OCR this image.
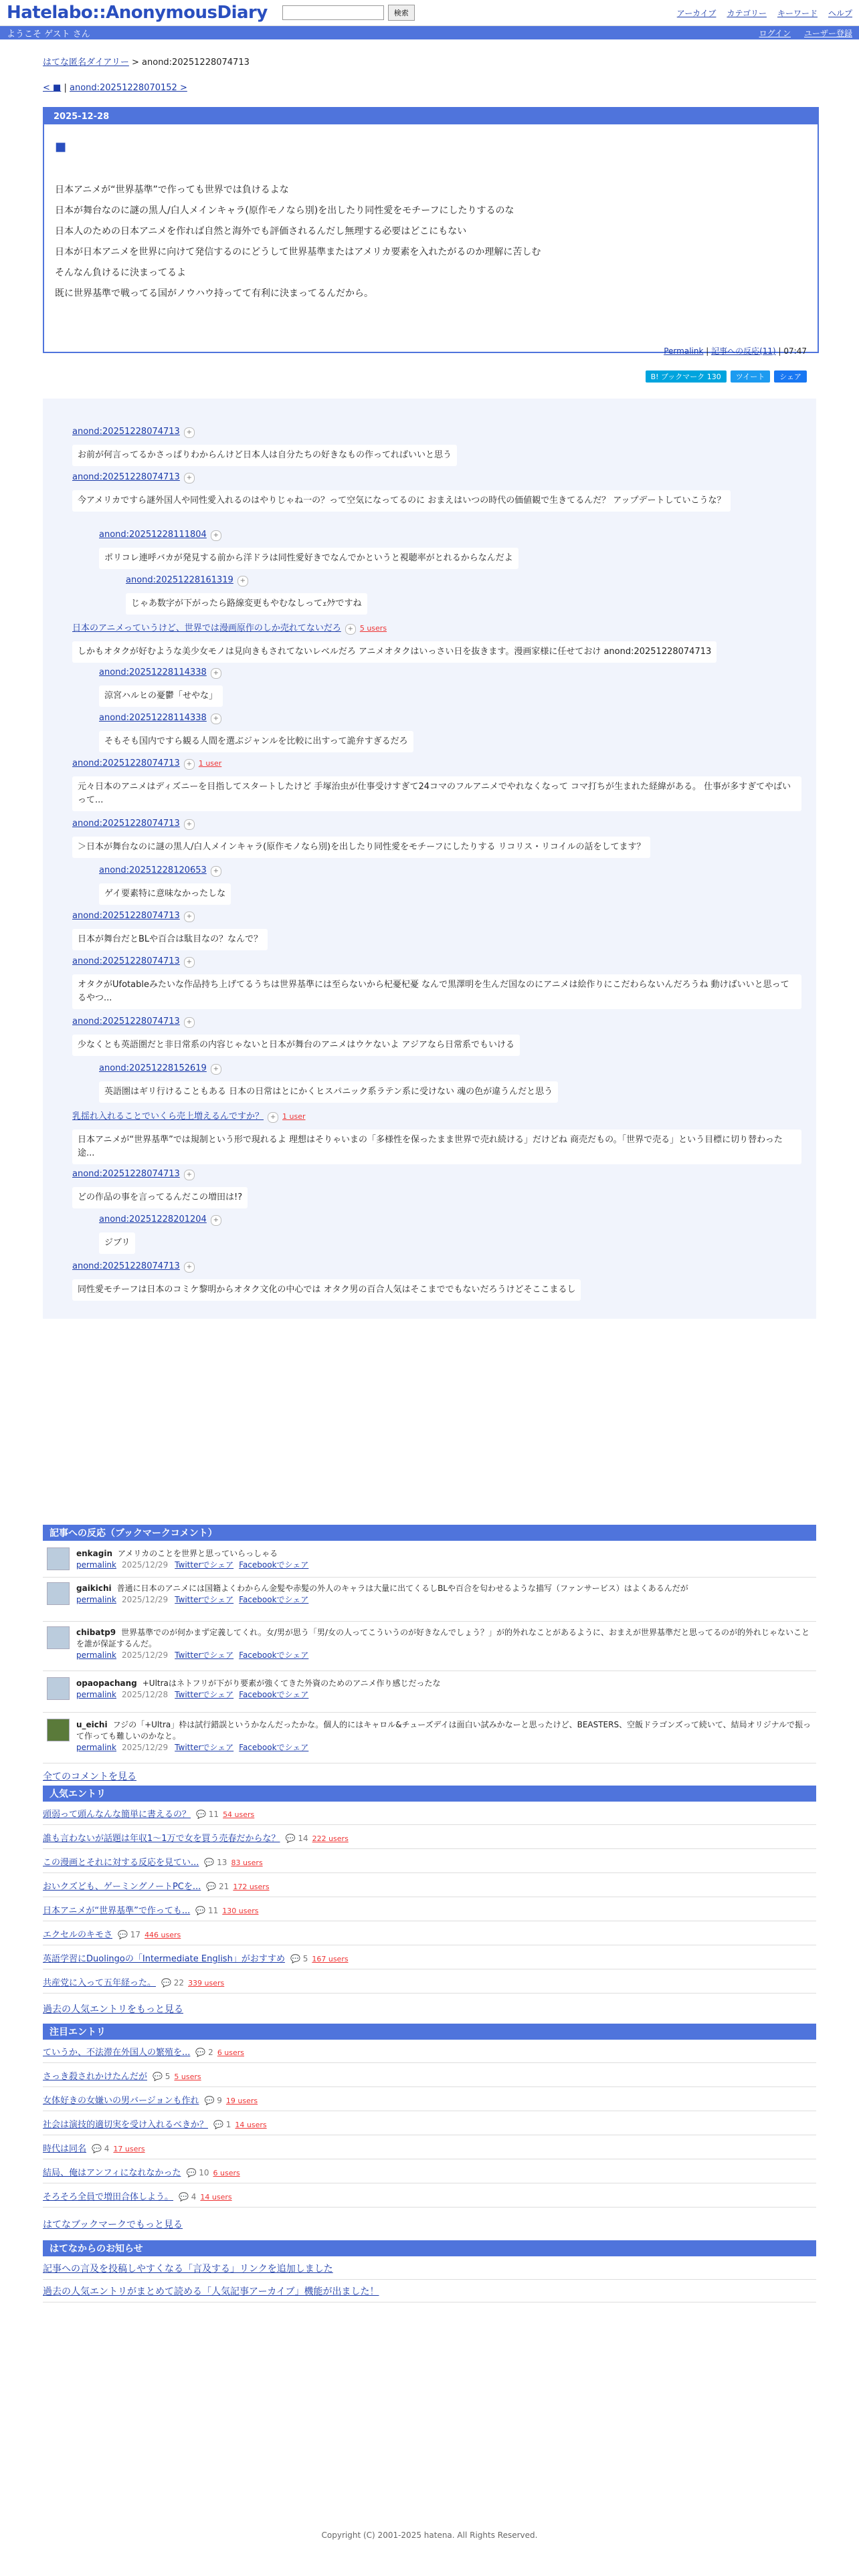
Hatelabo::AnonymousDiary	検索	アーカイブ カテゴリー キーワード ヘルプ
ようこそ ゲスト さん	ログイン ユーザー登録
はてな匿名ダイアリー > anond:20251228074713
< ■ | anond:20251228070152 >
2025-12-28
■
日本アニメが“世界基準”で作っても世界では負けるよな
日本が舞台なのに謎の黒人/白人メインキャラ(原作モノなら別)を出したり同性愛をモチーフにしたりするのな
日本人のための日本アニメを作れば自然と海外でも評価されるんだし無理する必要はどこにもない
日本が日本アニメを世界に向けて発信するのにどうして世界基準またはアメリカ要素を入れたがるのか理解に苦しむ
そんなん負けるに決まってるよ
既に世界基準で戦ってる国がノウハウ持ってて有利に決まってるんだから。
Permalink | 記事への反応(11) | 07:47
B! ブックマーク 130	ツイート	シェア
anond:20251228074713 +
お前が何言ってるかさっぱりわからんけど日本人は自分たちの好きなもの作ってればいいと思う
anond:20251228074713 +
今アメリカですら謎外国人や同性愛入れるのはやりじゃね一の？って空気になってるのに おまえはいつの時代の価値観で生きてるんだ？ アップデートしていこうな？
anond:20251228111804 +
ポリコレ連呼バカが発見する前から洋ドラは同性愛好きでなんでかというと視聴率がとれるからなんだよ
anond:20251228161319 +
じゃあ数字が下がったら路線変更もやむなしってｪｸｹですね
日本のアニメっていうけど、世界では漫画原作のしか売れてないだろ + 5 users
しかもオタクが好むような美少女モノは見向きもされてないレベルだろ アニメオタクはいっさい日を抜きます。漫画家様に任せておけ anond:20251228074713
anond:20251228114338 +
涼宮ハルヒの憂鬱「せやな」
anond:20251228114338 +
そもそも国内ですら観る人間を選ぶジャンルを比較に出すって詭弁すぎるだろ
anond:20251228074713 + 1 user
元々日本のアニメはディズニーを目指してスタートしたけど 手塚治虫が仕事受けすぎて24コマのフルアニメでやれなくなって コマ打ちが生まれた経緯がある。 仕事が多すぎてやばいって...
anond:20251228074713 +
＞日本が舞台なのに謎の黒人/白人メインキャラ(原作モノなら別)を出したり同性愛をモチーフにしたりする リコリス・リコイルの話をしてます？
anond:20251228120653 +
ゲイ要素特に意味なかったしな
anond:20251228074713 +
日本が舞台だとBLや百合は駄目なの？なんで？
anond:20251228074713 +
オタクがUfotableみたいな作品持ち上げてるうちは世界基準には至らないから杞憂杞憂 なんで黒澤明を生んだ国なのにアニメは絵作りにこだわらないんだろうね 動けばいいと思ってるやつ...
anond:20251228074713 +
少なくとも英語圏だと非日常系の内容じゃないと日本が舞台のアニメはウケないよ アジアなら日常系でもいける
anond:20251228152619 +
英語圏はギリ行けることもある 日本の日常はとにかくヒスパニック系ラテン系に受けない 魂の色が違うんだと思う
乳揺れ入れることでいくら売上増えるんですか？ + 1 user
日本アニメが“世界基準”では規制という形で現れるよ 理想はそりゃいまの「多様性を保ったまま世界で売れ続ける」だけどね 商売だもの。「世界で売る」という目標に切り替わった途...
anond:20251228074713 +
どの作品の事を言ってるんだこの増田は!?
anond:20251228201204 +
ジブリ
anond:20251228074713 +
同性愛モチーフは日本のコミケ黎明からオタク文化の中心では オタク男の百合人気はそこまででもないだろうけどそここまるし
記事への反応（ブックマークコメント）
enkagin アメリカのことを世界と思っていらっしゃる
permalink 2025/12/29 Twitterでシェア Facebookでシェア
gaikichi 普通に日本のアニメには国籍よくわからん金髪や赤髪の外人のキャラは大量に出てくるしBLや百合を匂わせるような描写（ファンサービス）はよくあるんだが
permalink 2025/12/29 Twitterでシェア Facebookでシェア
chibatp9 世界基準でのが何かまず定義してくれ。女/男が思う「男/女の人ってこういうのが好きなんでしょう？」が的外れなことがあるように、おまえが世界基準だと思ってるのが的外れじゃないことを誰が保証するんだ。
permalink 2025/12/29 Twitterでシェア Facebookでシェア
opaopachang +Ultraはネトフリが下がり要素が強くてきた外資のためのアニメ作り感じだったな
permalink 2025/12/28 Twitterでシェア Facebookでシェア
u_eichi フジの「+Ultra」枠は試行錯誤というかなんだったかな。個人的にはキャロル&チューズデイは面白い試みかなーと思ったけど、BEASTERS、空飯ドラゴンズって続いて、結局オリジナルで振って作っても難しいのかなと。
permalink 2025/12/29 Twitterでシェア Facebookでシェア
全てのコメントを見る
人気エントリ
頭弱って頭んなんな簡単に書えるの？ 💬 11 54 users
誰も言わないが話題は年収1〜1万で女を買う売春だからな？ 💬 14 222 users
この漫画とそれに対する反応を見てい... 💬 13 83 users
おいクズども、ゲーミングノートPCを... 💬 21 172 users
日本アニメが“世界基準”で作っても... 💬 11 130 users
エクセルのキモさ 💬 17 446 users
英語学習にDuolingoの「Intermediate English」がおすすめ 💬 5 167 users
共産党に入って五年経った。 💬 22 339 users
過去の人気エントリをもっと見る
注目エントリ
ていうか、不法滞在外国人の繁殖を... 💬 2 6 users
さっき殺されかけたんだが 💬 5 5 users
女体好きの女嫌いの男バージョンも作れ 💬 9 19 users
社会は演技的適切実を受け入れるべきか？ 💬 1 14 users
時代は同名 💬 4 17 users
結局、俺はアンフィになれなかった 💬 10 6 users
そろそろ全員で増田合体しよう。 💬 4 14 users
はてなブックマークでもっと見る
はてなからのお知らせ
記事への言及を投稿しやすくなる「言及する」リンクを追加しました
過去の人気エントリがまとめて読める「人気記事アーカイブ」機能が出ました！
Copyright (C) 2001-2025 hatena. All Rights Reserved.
